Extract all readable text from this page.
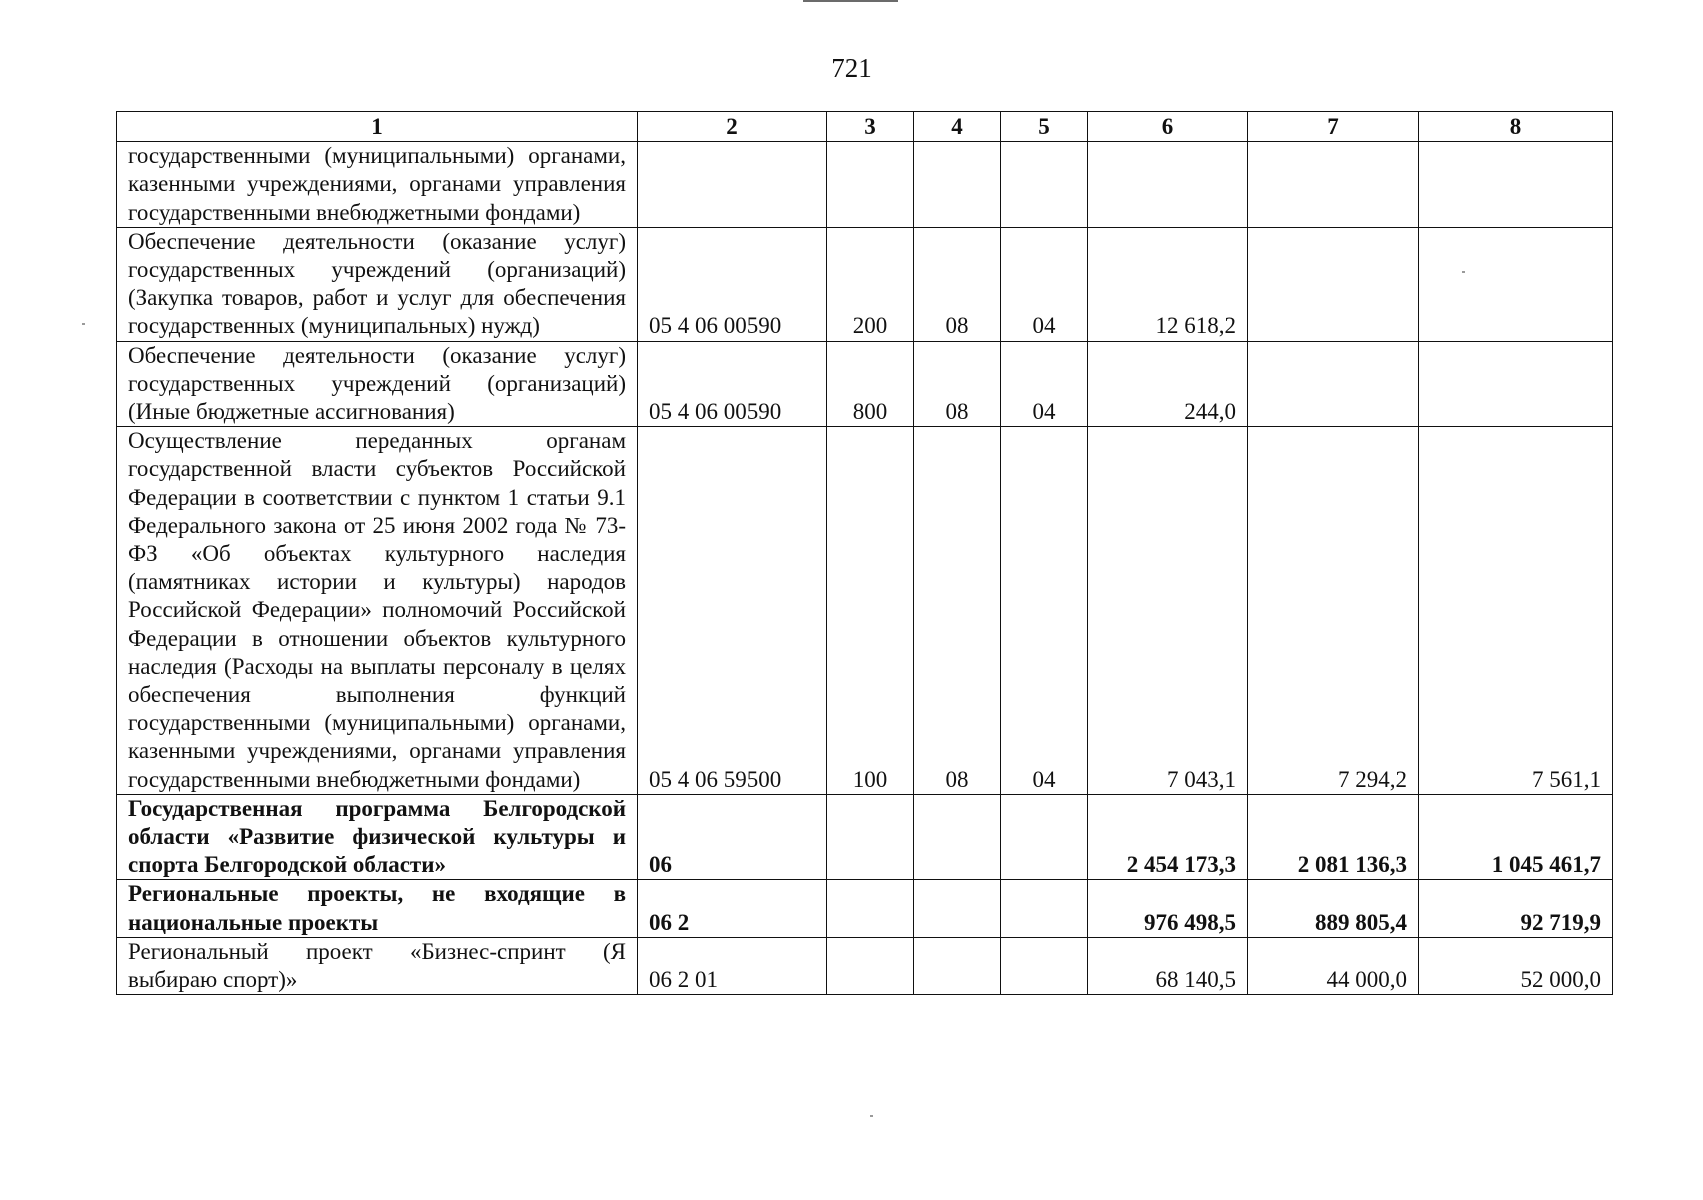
721
1	2	3	4	5	6	7	8
государственными (муниципальными) органами, казенными учреждениями, органами управления государственными внебюджетными фондами)							
Обеспечение деятельности (оказание услуг) государственных учреждений (организаций) (Закупка товаров, работ и услуг для обеспечения государственных (муниципальных) нужд)	05 4 06 00590	200	08	04	12 618,2		
Обеспечение деятельности (оказание услуг) государственных учреждений (организаций) (Иные бюджетные ассигнования)	05 4 06 00590	800	08	04	244,0		
Осуществление переданных органам государственной власти субъектов Российской Федерации в соответствии с пунктом 1 статьи 9.1 Федерального закона от 25 июня 2002 года № 73-ФЗ «Об объектах культурного наследия (памятниках истории и культуры) народов Российской Федерации» полномочий Российской Федерации в отношении объектов культурного наследия (Расходы на выплаты персоналу в целях обеспечения выполнения функций государственными (муниципальными) органами, казенными учреждениями, органами управления государственными внебюджетными фондами)	05 4 06 59500	100	08	04	7 043,1	7 294,2	7 561,1
Государственная программа Белгородской области «Развитие физической культуры и спорта Белгородской области»	06				2 454 173,3	2 081 136,3	1 045 461,7
Региональные проекты, не входящие в национальные проекты	06 2				976 498,5	889 805,4	92 719,9
Региональный проект «Бизнес-спринт (Я выбираю спорт)»	06 2 01				68 140,5	44 000,0	52 000,0
